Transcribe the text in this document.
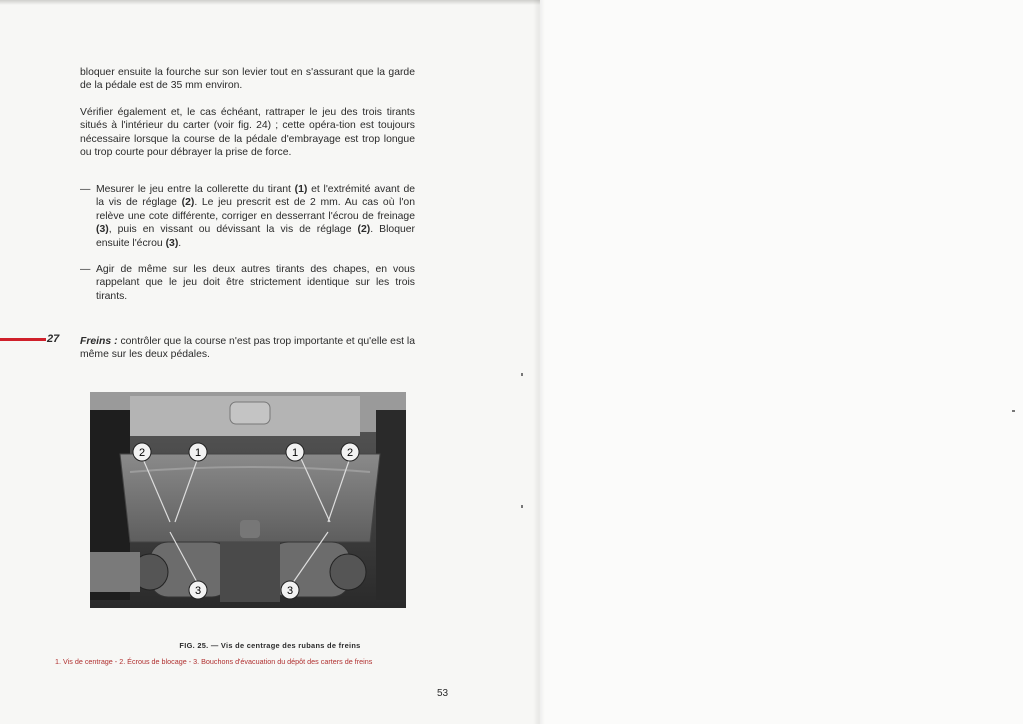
bloquer ensuite la fourche sur son levier tout en s'assurant que la garde de la pédale est de 35 mm environ.

Vérifier également et, le cas échéant, rattraper le jeu des trois tirants situés à l'intérieur du carter (voir fig. 24) ; cette opéra-tion est toujours nécessaire lorsque la course de la pédale d'embrayage est trop longue ou trop courte pour débrayer la prise de force.

— Mesurer le jeu entre la collerette du tirant (1) et l'extrémité avant de la vis de réglage (2). Le jeu prescrit est de 2 mm. Au cas où l'on relève une cote différente, corriger en desserrant l'écrou de freinage (3), puis en vissant ou dévissant la vis de réglage (2). Bloquer ensuite l'écrou (3).
— Agir de même sur les deux autres tirants des chapes, en vous rappelant que le jeu doit être strictement identique sur les trois tirants.
27 Freins : contrôler que la course n'est pas trop importante et qu'elle est la même sur les deux pédales.

2	1	1	2
3	3
FIG. 25. — Vis de centrage des rubans de freins
1. Vis de centrage - 2. Écrous de blocage - 3. Bouchons d'évacuation du dépôt des carters de freins
53
